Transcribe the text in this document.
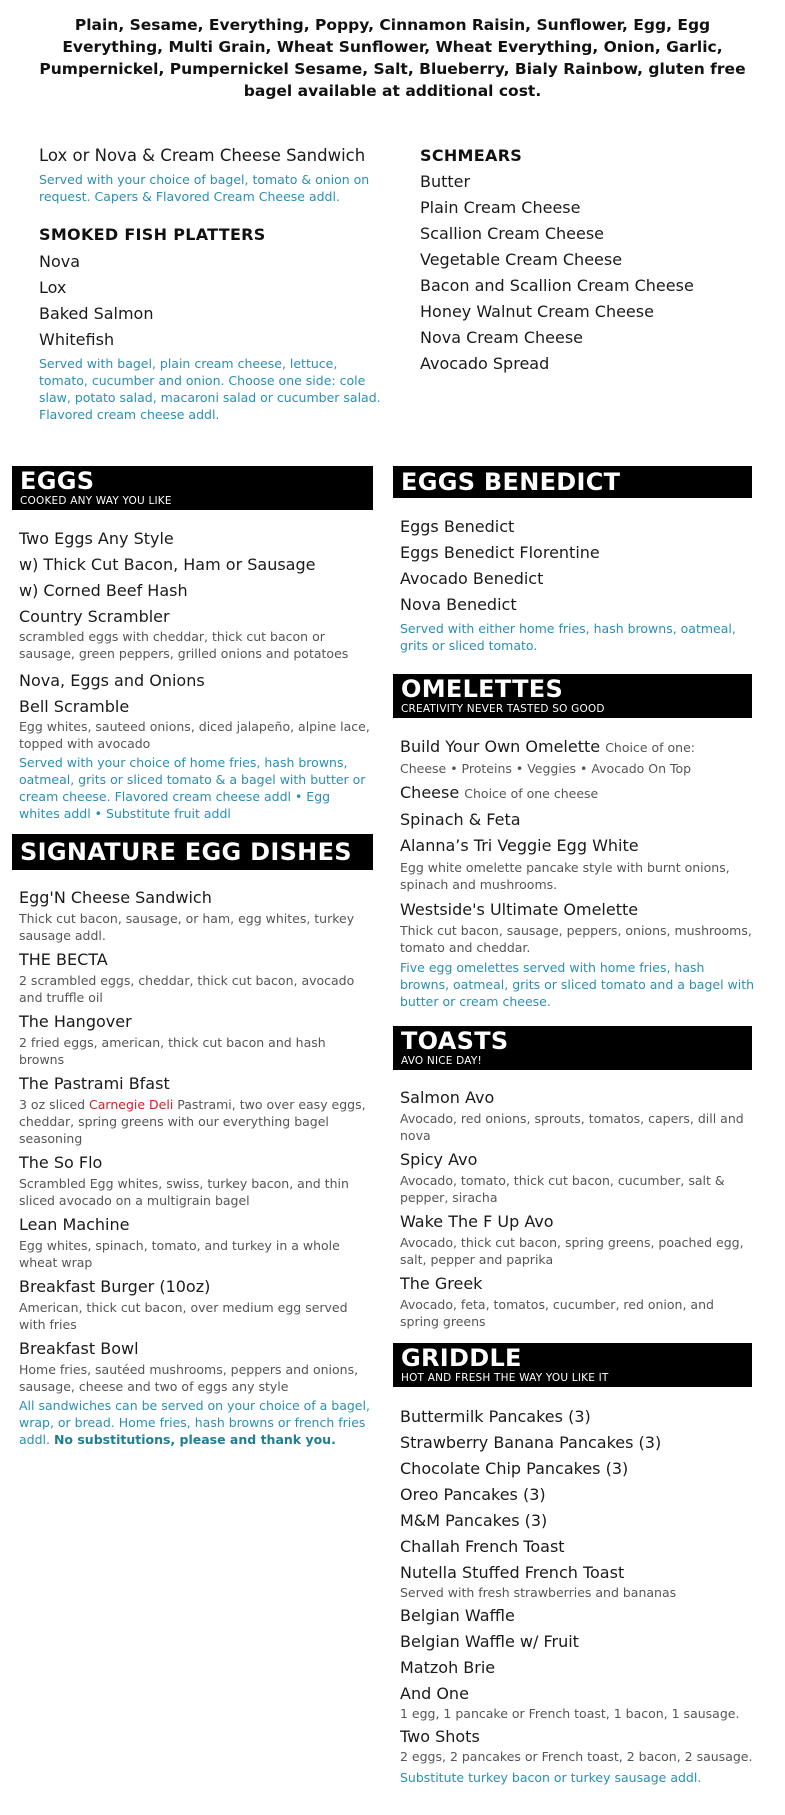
Plain, Sesame, Everything, Poppy, Cinnamon Raisin, Sunflower, Egg, Egg Everything, Multi Grain, Wheat Sunflower, Wheat Everything, Onion, Garlic, Pumpernickel, Pumpernickel Sesame, Salt, Blueberry, Bialy Rainbow, gluten free bagel available at additional cost.
Lox or Nova & Cream Cheese Sandwich
Served with your choice of bagel, tomato & onion on request. Capers & Flavored Cream Cheese addl.
SMOKED FISH PLATTERS
Nova
Lox
Baked Salmon
Whitefish
Served with bagel, plain cream cheese, lettuce, tomato, cucumber and onion. Choose one side: cole slaw, potato salad, macaroni salad or cucumber salad. Flavored cream cheese addl.
SCHMEARS
Butter
Plain Cream Cheese
Scallion Cream Cheese
Vegetable Cream Cheese
Bacon and Scallion Cream Cheese
Honey Walnut Cream Cheese
Nova Cream Cheese
Avocado Spread
EGGS
COOKED ANY WAY YOU LIKE
Two Eggs Any Style
w) Thick Cut Bacon, Ham or Sausage
w) Corned Beef Hash
Country Scrambler
scrambled eggs with cheddar, thick cut bacon or sausage, green peppers, grilled onions and potatoes
Nova, Eggs and Onions
Bell Scramble
Egg whites, sauteed onions, diced jalapeño, alpine lace, topped with avocado
Served with your choice of home fries, hash browns, oatmeal, grits or sliced tomato & a bagel with butter or cream cheese. Flavored cream cheese addl • Egg whites addl • Substitute fruit addl
SIGNATURE EGG DISHES
Egg'N Cheese Sandwich
Thick cut bacon, sausage, or ham, egg whites, turkey sausage addl.
THE BECTA
2 scrambled eggs, cheddar, thick cut bacon, avocado and truffle oil
The Hangover
2 fried eggs, american, thick cut bacon and hash browns
The Pastrami Bfast
3 oz sliced Carnegie Deli Pastrami, two over easy eggs, cheddar, spring greens with our everything bagel seasoning
The So Flo
Scrambled Egg whites, swiss, turkey bacon, and thin sliced avocado on a multigrain bagel
Lean Machine
Egg whites, spinach, tomato, and turkey in a whole wheat wrap
Breakfast Burger (10oz)
American, thick cut bacon, over medium egg served with fries
Breakfast Bowl
Home fries, sautéed mushrooms, peppers and onions, sausage, cheese and two of eggs any style
All sandwiches can be served on your choice of a bagel, wrap, or bread. Home fries, hash browns or french fries addl. No substitutions, please and thank you.
EGGS BENEDICT
Eggs Benedict
Eggs Benedict Florentine
Avocado Benedict
Nova Benedict
Served with either home fries, hash browns, oatmeal, grits or sliced tomato.
OMELETTES
CREATIVITY NEVER TASTED SO GOOD
Build Your Own Omelette Choice of one:
Cheese • Proteins • Veggies • Avocado On Top
Cheese Choice of one cheese
Spinach & Feta
Alanna’s Tri Veggie Egg White
Egg white omelette pancake style with burnt onions, spinach and mushrooms.
Westside's Ultimate Omelette
Thick cut bacon, sausage, peppers, onions, mushrooms, tomato and cheddar.
Five egg omelettes served with home fries, hash browns, oatmeal, grits or sliced tomato and a bagel with butter or cream cheese.
TOASTS
AVO NICE DAY!
Salmon Avo
Avocado, red onions, sprouts, tomatos, capers, dill and nova
Spicy Avo
Avocado, tomato, thick cut bacon, cucumber, salt & pepper, siracha
Wake The F Up Avo
Avocado, thick cut bacon, spring greens, poached egg, salt, pepper and paprika
The Greek
Avocado, feta, tomatos, cucumber, red onion, and spring greens
GRIDDLE
HOT AND FRESH THE WAY YOU LIKE IT
Buttermilk Pancakes (3)
Strawberry Banana Pancakes (3)
Chocolate Chip Pancakes (3)
Oreo Pancakes (3)
M&M Pancakes (3)
Challah French Toast
Nutella Stuffed French Toast
Served with fresh strawberries and bananas
Belgian Waffle
Belgian Waffle w/ Fruit
Matzoh Brie
And One
1 egg, 1 pancake or French toast, 1 bacon, 1 sausage.
Two Shots
2 eggs, 2 pancakes or French toast, 2 bacon, 2 sausage.
Substitute turkey bacon or turkey sausage addl.
